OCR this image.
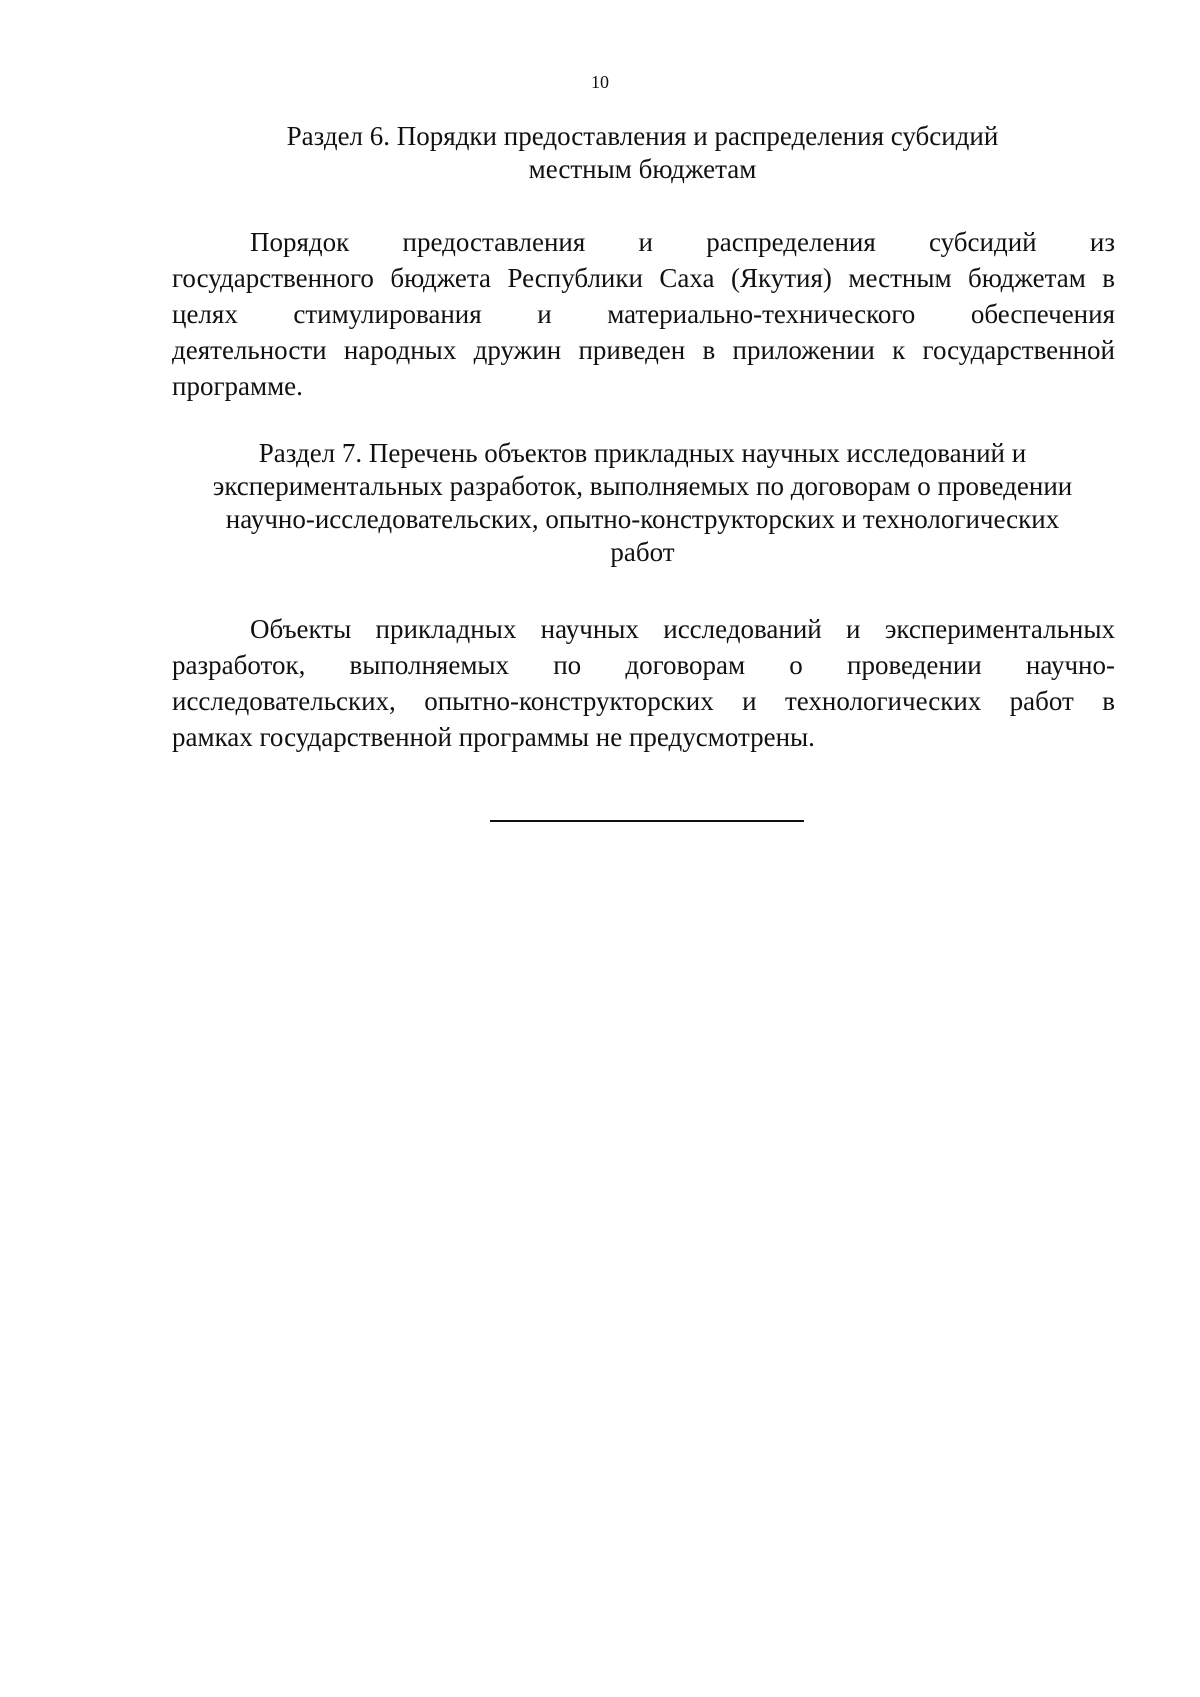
10
Раздел 6. Порядки предоставления и распределения субсидий
местным бюджетам
Порядок предоставления и распределения субсидий из
государственного бюджета Республики Саха (Якутия) местным бюджетам в
целях стимулирования и материально-технического обеспечения
деятельности народных дружин приведен в приложении к государственной
программе.
Раздел 7. Перечень объектов прикладных научных исследований и
экспериментальных разработок, выполняемых по договорам о проведении
научно-исследовательских, опытно-конструкторских и технологических
работ
Объекты прикладных научных исследований и экспериментальных
разработок, выполняемых по договорам о проведении научно-
исследовательских, опытно-конструкторских и технологических работ в
рамках государственной программы не предусмотрены.
